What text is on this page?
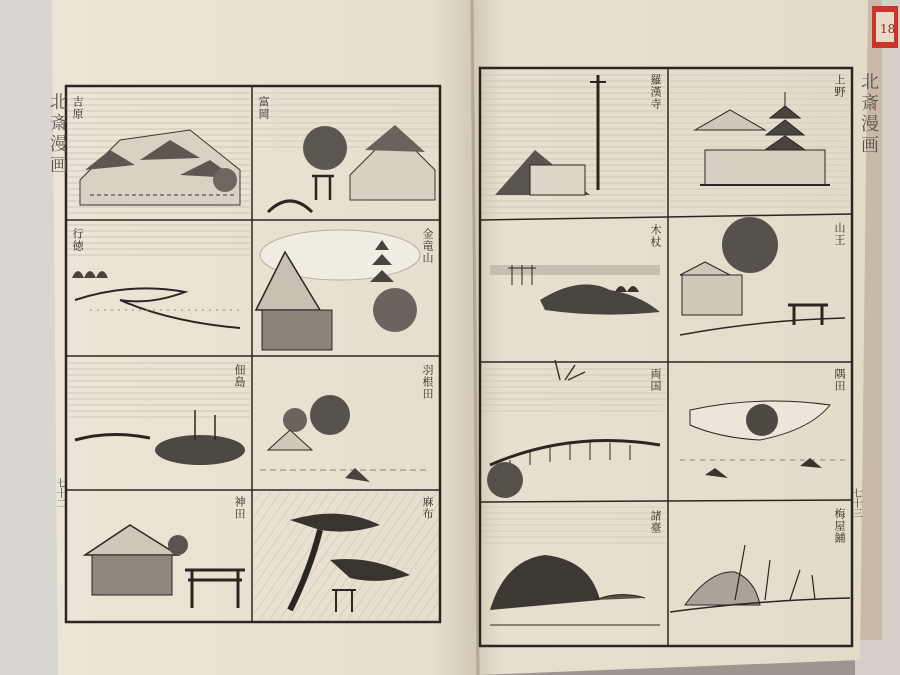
北斎漫画
七十二
北斎漫画
七十三
18
吉原	富岡
行徳	金竜山
佃島	羽根田
神田	麻布
羅漢寺	上野
木杖	山王
両国	隅田
諸臺	梅屋鋪
